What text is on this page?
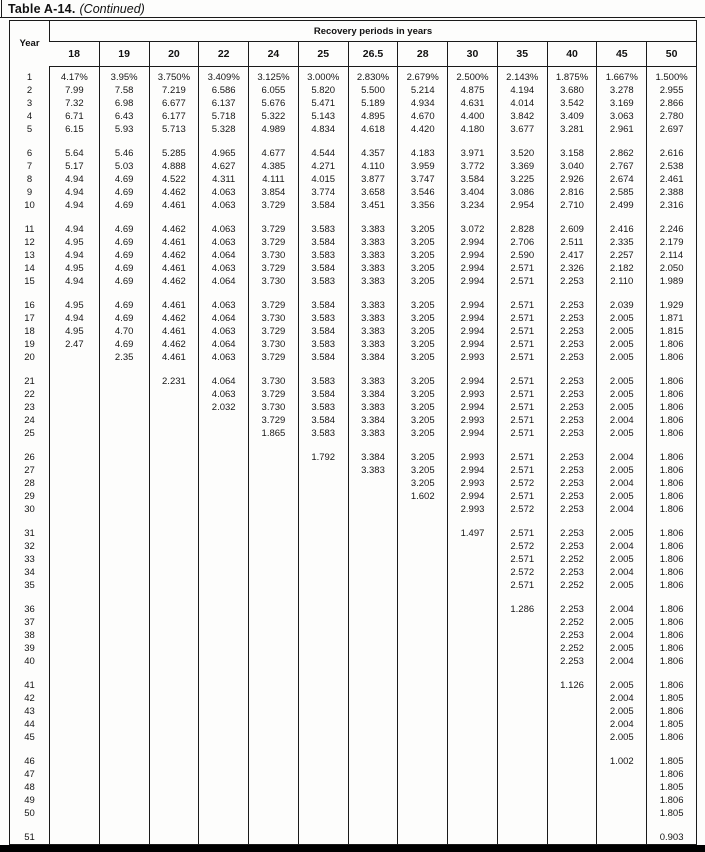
Table A-14. (Continued)
Year	Recovery periods in years												
	18	19	20	22	24	25	26.5	28	30	35	40	45	50

1	4.17%	3.95%	3.750%	3.409%	3.125%	3.000%	2.830%	2.679%	2.500%	2.143%	1.875%	1.667%	1.500%
2	7.99	7.58	7.219	6.586	6.055	5.820	5.500	5.214	4.875	4.194	3.680	3.278	2.955
3	7.32	6.98	6.677	6.137	5.676	5.471	5.189	4.934	4.631	4.014	3.542	3.169	2.866
4	6.71	6.43	6.177	5.718	5.322	5.143	4.895	4.670	4.400	3.842	3.409	3.063	2.780
5	6.15	5.93	5.713	5.328	4.989	4.834	4.618	4.420	4.180	3.677	3.281	2.961	2.697

6	5.64	5.46	5.285	4.965	4.677	4.544	4.357	4.183	3.971	3.520	3.158	2.862	2.616
7	5.17	5.03	4.888	4.627	4.385	4.271	4.110	3.959	3.772	3.369	3.040	2.767	2.538
8	4.94	4.69	4.522	4.311	4.111	4.015	3.877	3.747	3.584	3.225	2.926	2.674	2.461
9	4.94	4.69	4.462	4.063	3.854	3.774	3.658	3.546	3.404	3.086	2.816	2.585	2.388
10	4.94	4.69	4.461	4.063	3.729	3.584	3.451	3.356	3.234	2.954	2.710	2.499	2.316

11	4.94	4.69	4.462	4.063	3.729	3.583	3.383	3.205	3.072	2.828	2.609	2.416	2.246
12	4.95	4.69	4.461	4.063	3.729	3.584	3.383	3.205	2.994	2.706	2.511	2.335	2.179
13	4.94	4.69	4.462	4.064	3.730	3.583	3.383	3.205	2.994	2.590	2.417	2.257	2.114
14	4.95	4.69	4.461	4.063	3.729	3.584	3.383	3.205	2.994	2.571	2.326	2.182	2.050
15	4.94	4.69	4.462	4.064	3.730	3.583	3.383	3.205	2.994	2.571	2.253	2.110	1.989

16	4.95	4.69	4.461	4.063	3.729	3.584	3.383	3.205	2.994	2.571	2.253	2.039	1.929
17	4.94	4.69	4.462	4.064	3.730	3.583	3.383	3.205	2.994	2.571	2.253	2.005	1.871
18	4.95	4.70	4.461	4.063	3.729	3.584	3.383	3.205	2.994	2.571	2.253	2.005	1.815
19	2.47	4.69	4.462	4.064	3.730	3.583	3.383	3.205	2.994	2.571	2.253	2.005	1.806
20		2.35	4.461	4.063	3.729	3.584	3.384	3.205	2.993	2.571	2.253	2.005	1.806

21			2.231	4.064	3.730	3.583	3.383	3.205	2.994	2.571	2.253	2.005	1.806
22				4.063	3.729	3.584	3.384	3.205	2.993	2.571	2.253	2.005	1.806
23				2.032	3.730	3.583	3.383	3.205	2.994	2.571	2.253	2.005	1.806
24					3.729	3.584	3.384	3.205	2.993	2.571	2.253	2.004	1.806
25					1.865	3.583	3.383	3.205	2.994	2.571	2.253	2.005	1.806

26						1.792	3.384	3.205	2.993	2.571	2.253	2.004	1.806
27							3.383	3.205	2.994	2.571	2.253	2.005	1.806
28								3.205	2.993	2.572	2.253	2.004	1.806
29								1.602	2.994	2.571	2.253	2.005	1.806
30									2.993	2.572	2.253	2.004	1.806

31									1.497	2.571	2.253	2.005	1.806
32										2.572	2.253	2.004	1.806
33										2.571	2.252	2.005	1.806
34										2.572	2.253	2.004	1.806
35										2.571	2.252	2.005	1.806

36										1.286	2.253	2.004	1.806
37											2.252	2.005	1.806
38											2.253	2.004	1.806
39											2.252	2.005	1.806
40											2.253	2.004	1.806

41											1.126	2.005	1.806
42												2.004	1.805
43												2.005	1.806
44												2.004	1.805
45												2.005	1.806

46												1.002	1.805
47													1.806
48													1.805
49													1.806
50													1.805

51													0.903
